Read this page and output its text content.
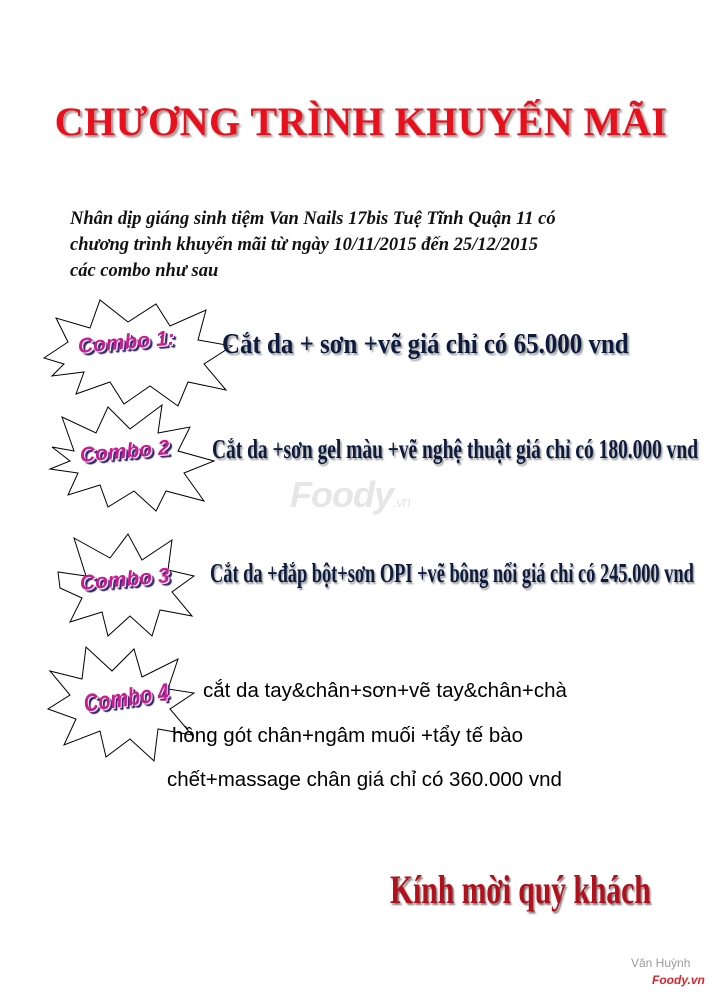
CHƯƠNG TRÌNH KHUYẾN MÃI
Nhân dịp giáng sinh tiệm Van Nails 17bis Tuệ Tĩnh Quận 11 có
chương trình khuyến mãi từ ngày 10/11/2015 đến 25/12/2015
các combo như sau
Combo 1: Cắt da + sơn +vẽ giá chỉ có 65.000 vnd
Combo 2 Cắt da +sơn gel màu +vẽ nghệ thuật giá chỉ có 180.000 vnd
Combo 3 Cắt da +đắp bột+sơn OPI +vẽ bông nổi giá chỉ có 245.000 vnd
Combo 4 cắt da tay&chân+sơn+vẽ tay&chân+chà
hồng gót chân+ngâm muối +tẩy tế bào
chết+massage chân giá chỉ có 360.000 vnd
Foody.vn
Kính mời quý khách
Vân Huỳnh
Foody.vn
